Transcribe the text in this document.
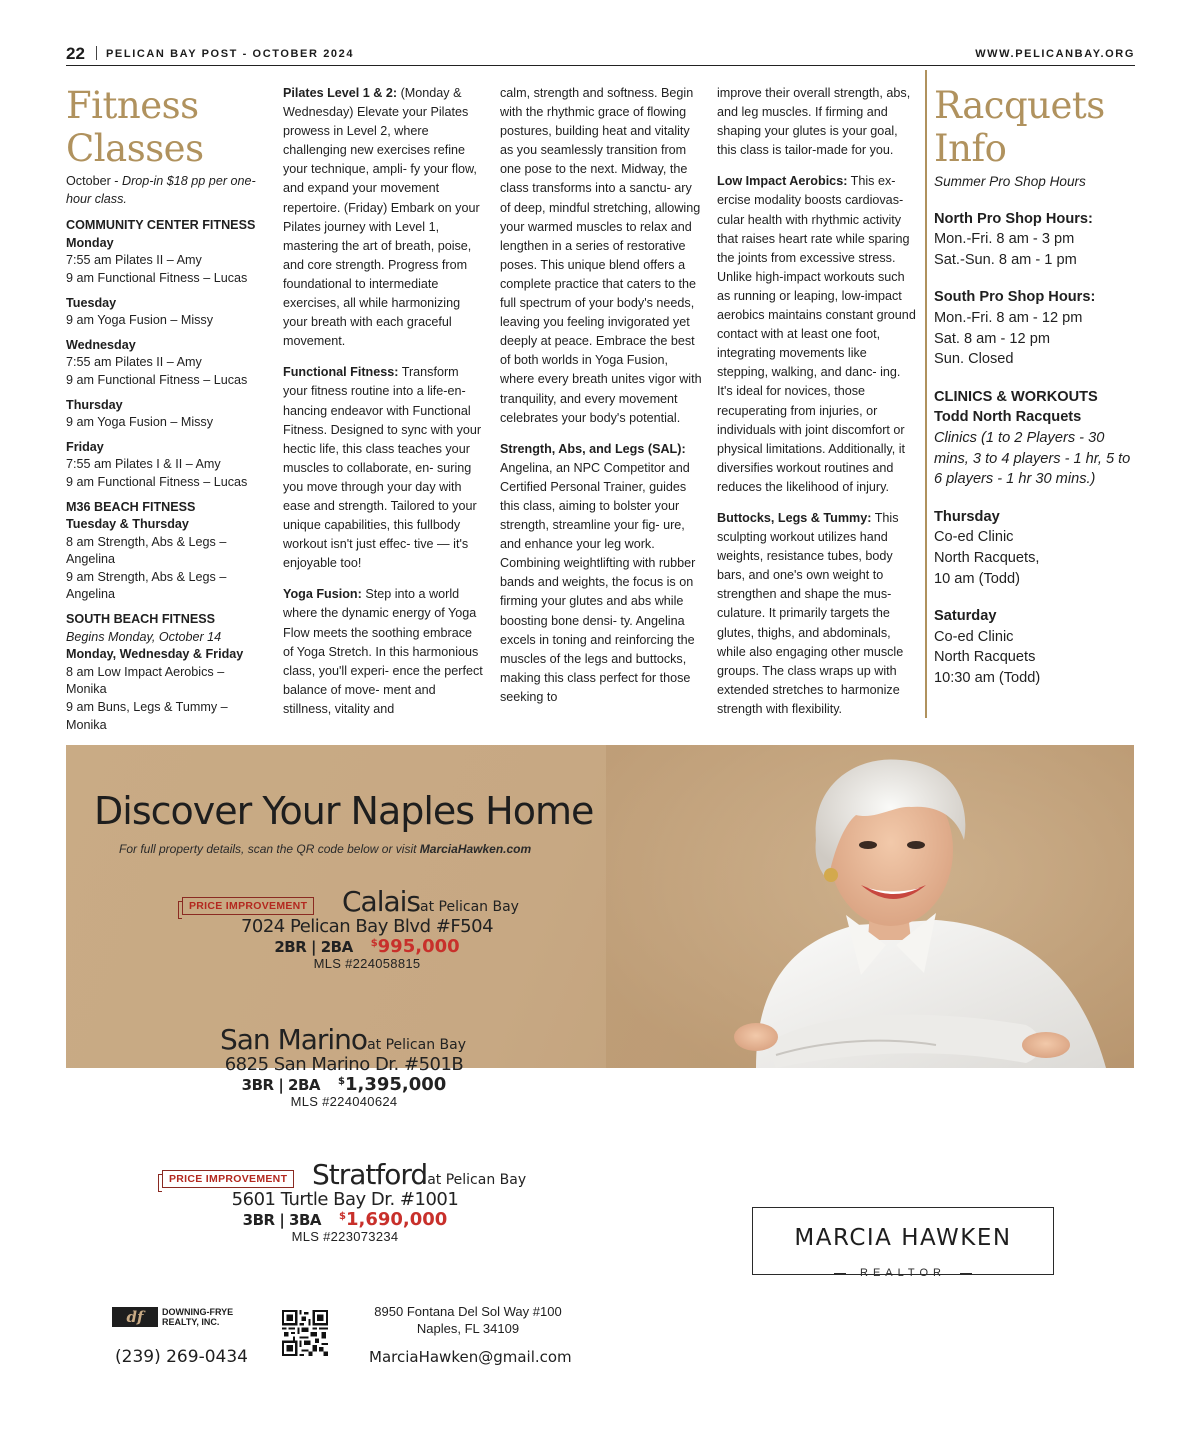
22 PELICAN BAY POST - OCTOBER 2024	WWW.PELICANBAY.ORG
Fitness
Classes
October - Drop-in $18 pp per one-hour class.
COMMUNITY CENTER FITNESS
Monday
7:55 am Pilates II – Amy
9 am Functional Fitness – Lucas
Tuesday
9 am Yoga Fusion – Missy
Wednesday
7:55 am Pilates II – Amy
9 am Functional Fitness – Lucas
Thursday
9 am Yoga Fusion – Missy
Friday
7:55 am Pilates I & II – Amy
9 am Functional Fitness – Lucas
M36 BEACH FITNESS
Tuesday & Thursday
8 am Strength, Abs & Legs – Angelina
9 am Strength, Abs & Legs – Angelina
SOUTH BEACH FITNESS
Begins Monday, October 14
Monday, Wednesday & Friday
8 am Low Impact Aerobics – Monika
9 am Buns, Legs & Tummy – Monika

Pilates Level 1 & 2: (Monday & Wednesday) Elevate your Pilates prowess in Level 2, where challenging new exercises refine your technique, ampli- fy your flow, and expand your movement repertoire. (Friday) Embark on your Pilates journey with Level 1, mastering the art of breath, poise, and core strength. Progress from foundational to intermediate exercises, all while harmonizing your breath with each graceful movement.

Functional Fitness: Transform your fitness routine into a life-en- hancing endeavor with Functional Fitness. Designed to sync with your hectic life, this class teaches your muscles to collaborate, en- suring you move through your day with ease and strength. Tailored to your unique capabilities, this fullbody workout isn't just effec- tive — it's enjoyable too!

Yoga Fusion: Step into a world where the dynamic energy of Yoga Flow meets the soothing embrace of Yoga Stretch. In this harmonious class, you'll experi- ence the perfect balance of move- ment and stillness, vitality and

calm, strength and softness. Begin with the rhythmic grace of flowing postures, building heat and vitality as you seamlessly transition from one pose to the next. Midway, the class transforms into a sanctu- ary of deep, mindful stretching, allowing your warmed muscles to relax and lengthen in a series of restorative poses. This unique blend offers a complete practice that caters to the full spectrum of your body's needs, leaving you feeling invigorated yet deeply at peace. Embrace the best of both worlds in Yoga Fusion, where every breath unites vigor with tranquility, and every movement celebrates your body's potential.

Strength, Abs, and Legs (SAL): Angelina, an NPC Competitor and Certified Personal Trainer, guides this class, aiming to bolster your strength, streamline your fig- ure, and enhance your leg work. Combining weightlifting with rubber bands and weights, the focus is on firming your glutes and abs while boosting bone densi- ty. Angelina excels in toning and reinforcing the muscles of the legs and buttocks, making this class perfect for those seeking to

improve their overall strength, abs, and leg muscles. If firming and shaping your glutes is your goal, this class is tailor-made for you.

Low Impact Aerobics: This ex- ercise modality boosts cardiovas- cular health with rhythmic activity that raises heart rate while sparing the joints from excessive stress. Unlike high-impact workouts such as running or leaping, low-impact aerobics maintains constant ground contact with at least one foot, integrating movements like stepping, walking, and danc- ing. It's ideal for novices, those recuperating from injuries, or individuals with joint discomfort or physical limitations. Additionally, it diversifies workout routines and reduces the likelihood of injury.

Buttocks, Legs & Tummy: This sculpting workout utilizes hand weights, resistance tubes, body bars, and one's own weight to strengthen and shape the mus- culature. It primarily targets the glutes, thighs, and abdominals, while also engaging other muscle groups. The class wraps up with extended stretches to harmonize strength with flexibility.

Racquets
Info
Summer Pro Shop Hours
North Pro Shop Hours:
Mon.-Fri. 8 am - 3 pm
Sat.-Sun. 8 am - 1 pm
South Pro Shop Hours:
Mon.-Fri. 8 am - 12 pm
Sat. 8 am - 12 pm
Sun. Closed
CLINICS & WORKOUTS
Todd North Racquets
Clinics (1 to 2 Players - 30 mins, 3 to 4 players - 1 hr, 5 to 6 players - 1 hr 30 mins.)
Thursday
Co-ed Clinic
North Racquets,
10 am (Todd)
Saturday
Co-ed Clinic
North Racquets
10:30 am (Todd)
Discover Your Naples Home
For full property details, scan the QR code below or visit MarciaHawken.com
PRICE IMPROVEMENT	Calaisat Pelican Bay
7024 Pelican Bay Blvd #F504
2BR | 2BA $995,000
MLS #224058815
San Marinoat Pelican Bay
6825 San Marino Dr. #501B
3BR | 2BA $1,395,000
MLS #224040624
PRICE IMPROVEMENT Stratfordat Pelican Bay
5601 Turtle Bay Dr. #1001
3BR | 3BA $1,690,000
MLS #223073234
df	DOWNING-FRYE REALTY, INC.
(239) 269-0434
8950 Fontana Del Sol Way #100
Naples, FL 34109
MarciaHawken@gmail.com
MARCIA HAWKEN
REALTOR
